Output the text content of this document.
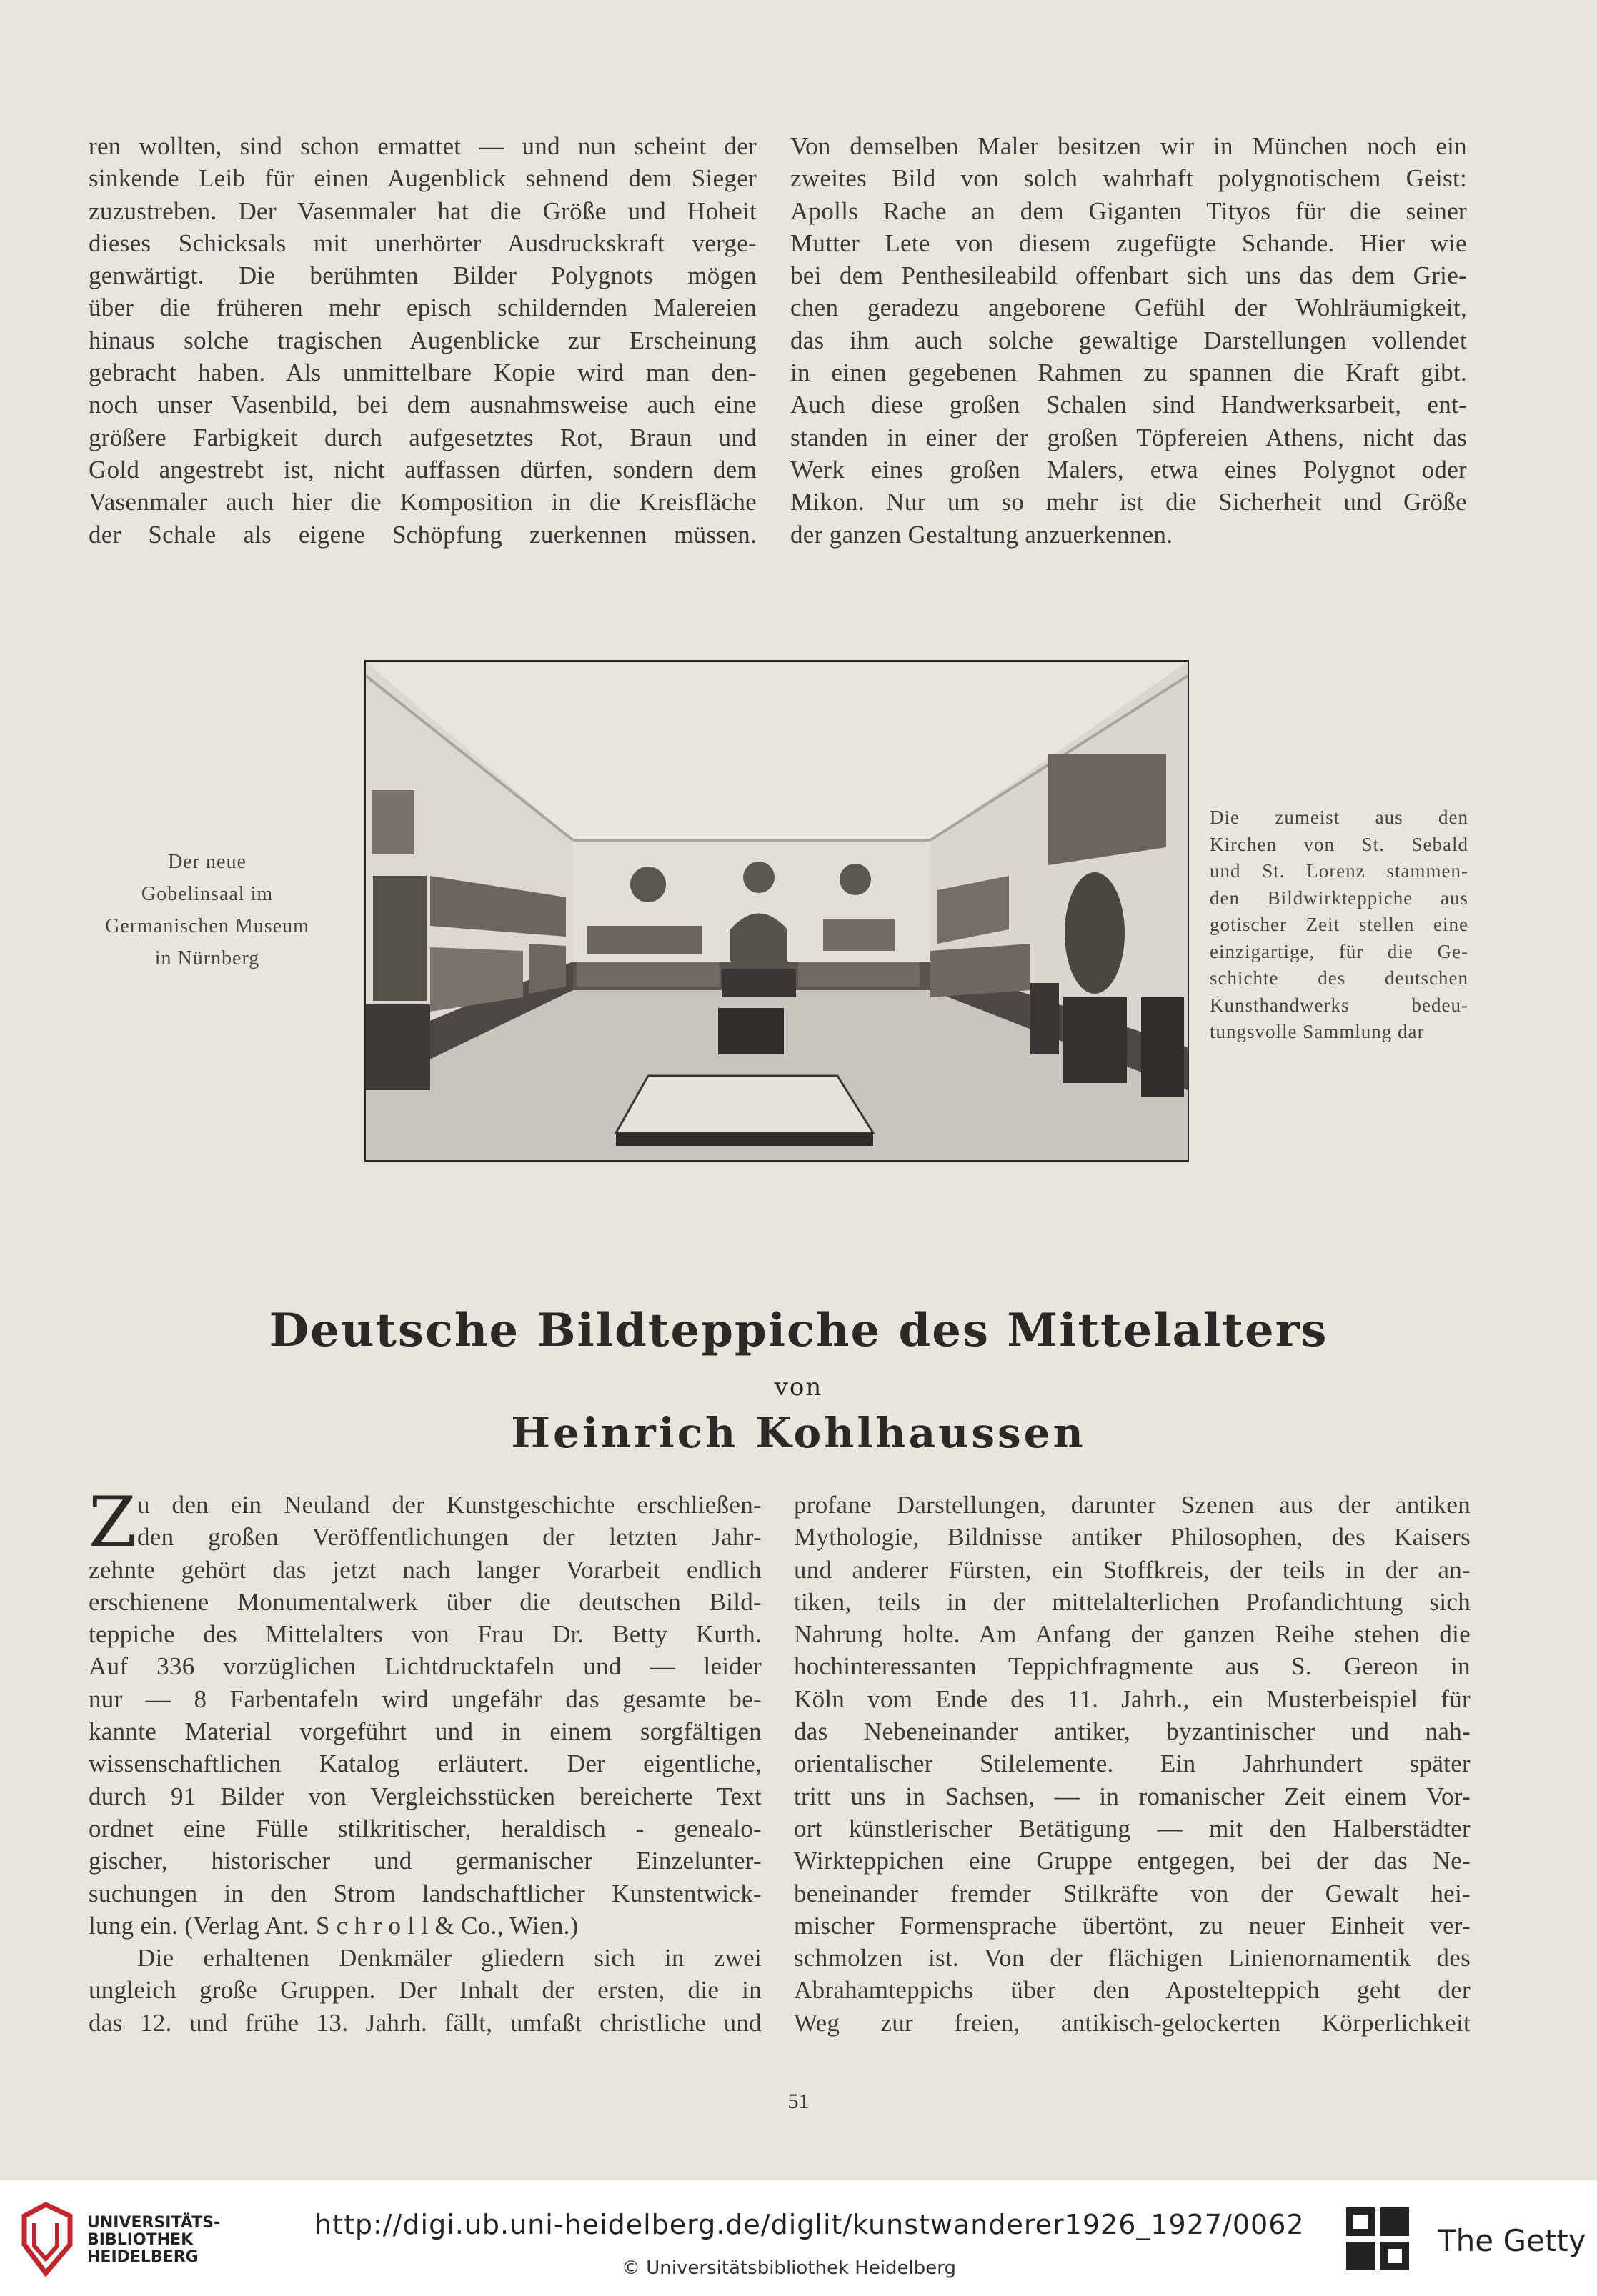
ren wollten, sind schon ermattet — und nun scheint der
sinkende Leib für einen Augenblick sehnend dem Sieger
zuzustreben. Der Vasenmaler hat die Größe und Hoheit
dieses Schicksals mit unerhörter Ausdruckskraft verge-
genwärtigt. Die berühmten Bilder Polygnots mögen
über die früheren mehr episch schildernden Malereien
hinaus solche tragischen Augenblicke zur Erscheinung
gebracht haben. Als unmittelbare Kopie wird man den-
noch unser Vasenbild, bei dem ausnahmsweise auch eine
größere Farbigkeit durch aufgesetztes Rot, Braun und
Gold angestrebt ist, nicht auffassen dürfen, sondern dem
Vasenmaler auch hier die Komposition in die Kreisfläche
der Schale als eigene Schöpfung zuerkennen müssen.
Von demselben Maler besitzen wir in München noch ein
zweites Bild von solch wahrhaft polygnotischem Geist:
Apolls Rache an dem Giganten Tityos für die seiner
Mutter Lete von diesem zugefügte Schande. Hier wie
bei dem Penthesileabild offenbart sich uns das dem Grie-
chen geradezu angeborene Gefühl der Wohlräumigkeit,
das ihm auch solche gewaltige Darstellungen vollendet
in einen gegebenen Rahmen zu spannen die Kraft gibt.
Auch diese großen Schalen sind Handwerksarbeit, ent-
standen in einer der großen Töpfereien Athens, nicht das
Werk eines großen Malers, etwa eines Polygnot oder
Mikon. Nur um so mehr ist die Sicherheit und Größe
der ganzen Gestaltung anzuerkennen.
Der neue
Gobelinsaal im
Germanischen Museum
in Nürnberg
Die zumeist aus den
Kirchen von St. Sebald
und St. Lorenz stammen-
den Bildwirkteppiche aus
gotischer Zeit stellen eine
einzigartige, für die Ge-
schichte des deutschen
Kunsthandwerks bedeu-
tungsvolle Sammlung dar
Deutsche Bildteppiche des Mittelalters
von
Heinrich Kohlhaussen
Z u den ein Neuland der Kunstgeschichte erschließen-
den großen Veröffentlichungen der letzten Jahr-
zehnte gehört das jetzt nach langer Vorarbeit endlich
erschienene Monumentalwerk über die deutschen Bild-
teppiche des Mittelalters von Frau Dr. Betty Kurth.
Auf 336 vorzüglichen Lichtdrucktafeln und — leider
nur — 8 Farbentafeln wird ungefähr das gesamte be-
kannte Material vorgeführt und in einem sorgfältigen
wissenschaftlichen Katalog erläutert. Der eigentliche,
durch 91 Bilder von Vergleichsstücken bereicherte Text
ordnet eine Fülle stilkritischer, heraldisch - genealo-
gischer, historischer und germanischer Einzelunter-
suchungen in den Strom landschaftlicher Kunstentwick-
lung ein. (Verlag Ant. S c h r o l l & Co., Wien.)
Die erhaltenen Denkmäler gliedern sich in zwei
ungleich große Gruppen. Der Inhalt der ersten, die in
das 12. und frühe 13. Jahrh. fällt, umfaßt christliche und
profane Darstellungen, darunter Szenen aus der antiken
Mythologie, Bildnisse antiker Philosophen, des Kaisers
und anderer Fürsten, ein Stoffkreis, der teils in der an-
tiken, teils in der mittelalterlichen Profandichtung sich
Nahrung holte. Am Anfang der ganzen Reihe stehen die
hochinteressanten Teppichfragmente aus S. Gereon in
Köln vom Ende des 11. Jahrh., ein Musterbeispiel für
das Nebeneinander antiker, byzantinischer und nah-
orientalischer Stilelemente. Ein Jahrhundert später
tritt uns in Sachsen, — in romanischer Zeit einem Vor-
ort künstlerischer Betätigung — mit den Halberstädter
Wirkteppichen eine Gruppe entgegen, bei der das Ne-
beneinander fremder Stilkräfte von der Gewalt hei-
mischer Formensprache übertönt, zu neuer Einheit ver-
schmolzen ist. Von der flächigen Linienornamentik des
Abrahamteppichs über den Apostelteppich geht der
Weg zur freien, antikisch-gelockerten Körperlichkeit
51
UNIVERSITÄTS-
BIBLIOTHEK
HEIDELBERG
http://digi.ub.uni-heidelberg.de/diglit/kunstwanderer1926_1927/0062
© Universitätsbibliothek Heidelberg
The Getty
